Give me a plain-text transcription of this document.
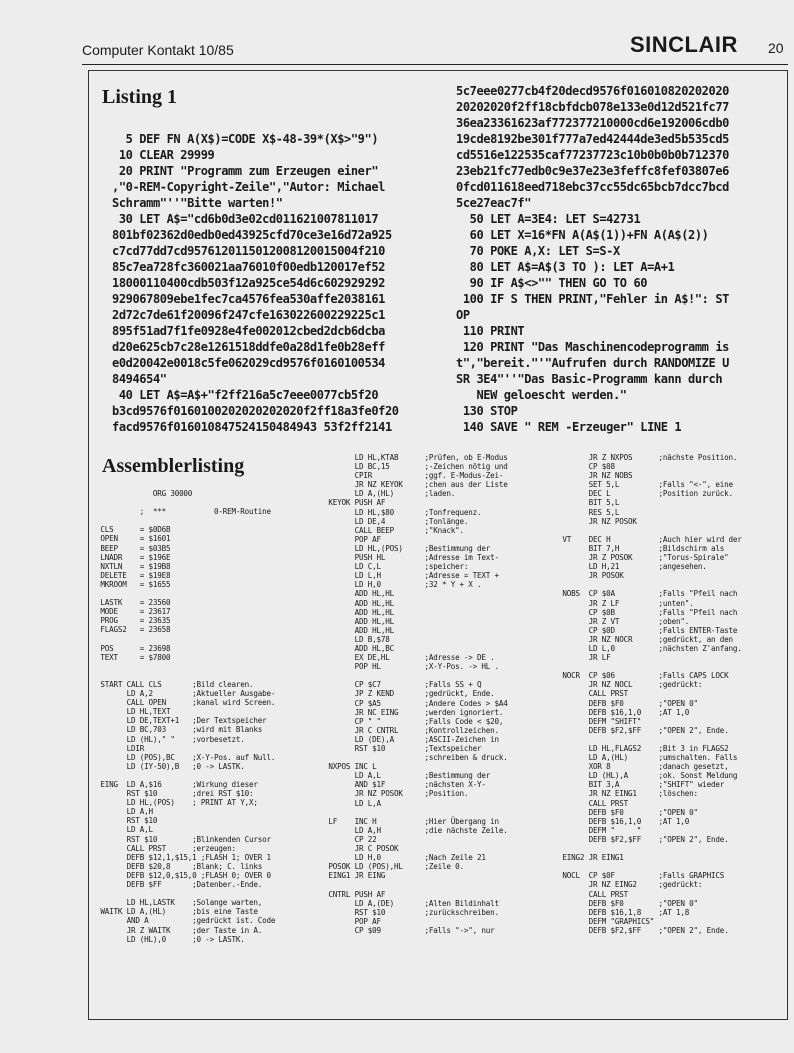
Computer Kontakt 10/85	SINCLAIR 20
Listing 1
5 DEF FN A(X$)=CODE X$-48-39*(X$>"9")
10 CLEAR 29999
20 PRINT "Programm zum Erzeugen einer"
,"0-REM-Copyright-Zeile","Autor: Michael
Schramm"''"Bitte warten!"
30 LET A$="cd6b0d3e02cd011621007811017
801bf02362d0edb0ed43925cfd70ce3e16d72a925
c7cd77dd7cd9576120115012008120015004f210
85c7ea728fc360021aa76010f00edb120017ef52
18000110400cdb503f12a925ce54d6c602929292
929067809ebe1fec7ca4576fea530affe2038161
2d72c7de61f20096f247cfe163022600229225c1
895f51ad7f1fe0928e4fe002012cbed2dcb6dcba
d20e625cb7c28e1261518ddfe0a28d1fe0b28eff
e0d20042e0018c5fe062029cd9576f0160100534
8494654"
40 LET A$=A$+"f2ff216a5c7eee0077cb5f20
b3cd9576f0160100202020202020f2ff18a3fe0f20
facd9576f016010847524150484943 53f2ff2141
5c7eee0277cb4f20decd9576f016010820202020
20202020f2ff18cbfdcb078e133e0d12d521fc77
36ea23361623af772377210000cd6e192006cdb0
19cde8192be301f777a7ed42444de3ed5b535cd5
cd5516e122535caf77237723c10b0b0b0b712370
23eb21fc77edb0c9e37e23e3feffc8fef03807e6
0fcd011618eed718ebc37cc55dc65bcb7dcc7bcd
5ce27eac7f"
50 LET A=3E4: LET S=42731
60 LET X=16*FN A(A$(1))+FN A(A$(2))
70 POKE A,X: LET S=S-X
80 LET A$=A$(3 TO ): LET A=A+1
90 IF A$<>"" THEN GO TO 60
100 IF S THEN PRINT,"Fehler in A$!": ST
OP
110 PRINT
120 PRINT "Das Maschinencodeprogramm is
t","bereit."'"Aufrufen durch RANDOMIZE U
SR 3E4"''"Das Basic-Programm kann durch
NEW geloescht werden."
130 STOP
140 SAVE " REM -Erzeuger" LINE 1
Assemblerlisting
ORG 30000

;  ***           0-REM-Routine

CLS      = $0D6B
OPEN     = $1601
BEEP     = $03B5
LNADR    = $196E
NXTLN    = $19B8
DELETE   = $19E8
MKROOM   = $1655

LASTK    = 23560
MODE     = 23617
PROG     = 23635
FLAGS2   = 23658

POS      = 23698
TEXT     = $7800

START CALL CLS       ;Bild clearen.
LD A,2         ;Aktueller Ausgabe-
CALL OPEN      ;kanal wird Screen.
LD HL,TEXT
LD DE,TEXT+1   ;Der Textspeicher
LD BC,703      ;wird mit Blanks
LD (HL)," "    ;vorbesetzt.
LDIR
LD (POS),BC    ;X-Y-Pos. auf Null.
LD (IY-50),B   ;0 -> LASTK.

EING  LD A,$16       ;Wirkung dieser
RST $10        ;drei RST $10:
LD HL,(POS)    ; PRINT AT Y,X;
LD A,H
RST $10
LD A,L
RST $10        ;Blinkenden Cursor
CALL PRST      ;erzeugen:
DEFB $12,1,$15,1 ;FLASH 1; OVER 1
DEFB $20,8     ;Blank; C. links
DEFB $12,0,$15,0 ;FLASH 0; OVER 0
DEFB $FF       ;Datenber.-Ende.

LD HL,LASTK    ;Solange warten,
WAITK LD A,(HL)      ;bis eine Taste
AND A          ;gedrückt ist. Code
JR Z WAITK     ;der Taste in A.
LD (HL),0      ;0 -> LASTK.
LD HL,KTAB      ;Prüfen, ob E-Modus
LD BC,15        ;-Zeichen nötig und
CPIR            ;ggf. E-Modus-Zei-
JR NZ KEYOK     ;chen aus der Liste
LD A,(HL)       ;laden.
KEYOK PUSH AF
LD HL,$80       ;Tonfrequenz.
LD DE,4         ;Tonlänge.
CALL BEEP       ;"Knack".
POP AF
LD HL,(POS)     ;Bestimmung der
PUSH HL         ;Adresse im Text-
LD C,L          ;speicher:
LD L,H          ;Adresse = TEXT +
LD H,0          ;32 * Y + X .
ADD HL,HL
ADD HL,HL
ADD HL,HL
ADD HL,HL
ADD HL,HL
LD B,$78
ADD HL,BC
EX DE,HL        ;Adresse -> DE .
POP HL          ;X-Y-Pos. -> HL .

CP $C7          ;Falls SS + Q
JP Z KEND       ;gedrückt, Ende.
CP $A5          ;Andere Codes > $A4
JR NC EING      ;werden ignoriert.
CP " "          ;Falls Code < $20,
JR C CNTRL      ;Kontrollzeichen.
LD (DE),A       ;ASCII-Zeichen in
RST $10         ;Textspeicher
;schreiben & druck.
NXPOS INC L
LD A,L          ;Bestimmung der
AND $1F         ;nächsten X-Y-
JR NZ POSOK     ;Position.
LD L,A

LF    INC H           ;Hier Übergang in
LD A,H          ;die nächste Zeile.
CP 22
JR C POSOK
LD H,0          ;Nach Zeile 21
POSOK LD (POS),HL     ;Zeile 0.
EING1 JR EING

CNTRL PUSH AF
LD A,(DE)       ;Alten Bildinhalt
RST $10         ;zurückschreiben.
POP AF
CP $09          ;Falls "->", nur
JR Z NXPOS      ;nächste Position.
CP $08
JR NZ NOBS
SET 5,L         ;Falls "<-", eine
DEC L           ;Position zurück.
BIT 5,L
RES 5,L
JR NZ POSOK

VT    DEC H           ;Auch hier wird der
BIT 7,H         ;Bildschirm als
JR Z POSOK      ;"Torus-Spirale"
LD H,21         ;angesehen.
JR POSOK

NOBS  CP $0A          ;Falls "Pfeil nach
JR Z LF         ;unten".
CP $0B          ;Falls "Pfeil nach
JR Z VT         ;oben".
CP $0D          ;Falls ENTER-Taste
JR NZ NOCR      ;gedrückt, an den
LD L,0          ;nächsten Z'anfang.
JR LF

NOCR  CP $06          ;Falls CAPS LOCK
JR NZ NOCL      ;gedrückt:
CALL PRST
DEFB $F0        ;"OPEN 0"
DEFB $16,1,0    ;AT 1,0
DEFM "SHIFT"
DEFB $F2,$FF    ;"OPEN 2", Ende.

LD HL,FLAGS2    ;Bit 3 in FLAGS2
LD A,(HL)       ;umschalten. Falls
XOR 8           ;danach gesetzt,
LD (HL),A       ;ok. Sonst Meldung
BIT 3,A         ;"SHIFT" wieder
JR NZ EING1     ;löschen:
CALL PRST
DEFB $F0        ;"OPEN 0"
DEFB $16,1,0    ;AT 1,0
DEFM "     "
DEFB $F2,$FF    ;"OPEN 2", Ende.

EING2 JR EING1

NOCL  CP $0F          ;Falls GRAPHICS
JR NZ EING2     ;gedrückt:
CALL PRST
DEFB $F0        ;"OPEN 0"
DEFB $16,1,8    ;AT 1,8
DEFM "GRAPHICS"
DEFB $F2,$FF    ;"OPEN 2", Ende.
